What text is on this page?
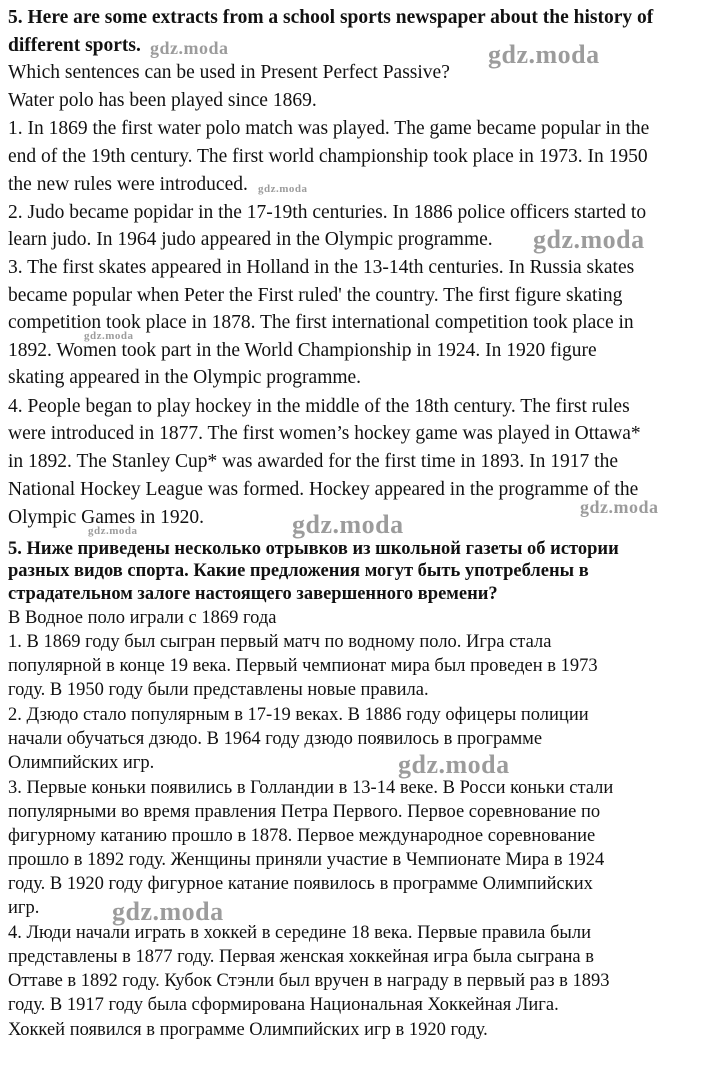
5. Here are some extracts from a school sports newspaper about the history of
different sports.
Which sentences can be used in Present Perfect Passive?
Water polo has been played since 1869.
1. In 1869 the first water polo match was played. The game became popular in the
end of the 19th century. The first world championship took place in 1973. In 1950
the new rules were introduced.
2. Judo became popidar in the 17-19th centuries. In 1886 police officers started to
learn judo. In 1964 judo appeared in the Olympic programme.
3. The first skates appeared in Holland in the 13-14th centuries. In Russia skates
became popular when Peter the First ruled' the country. The first figure skating
competition took place in 1878. The first international competition took place in
1892. Women took part in the World Championship in 1924. In 1920 figure
skating appeared in the Olympic programme.
4. People began to play hockey in the middle of the 18th century. The first rules
were introduced in 1877. The first women’s hockey game was played in Ottawa*
in 1892. The Stanley Cup* was awarded for the first time in 1893. In 1917 the
National Hockey League was formed. Hockey appeared in the programme of the
Olympic Games in 1920.
5. Ниже приведены несколько отрывков из школьной газеты об истории
разных видов спорта. Какие предложения могут быть употреблены в
страдательном залоге настоящего завершенного времени?
В Водное поло играли с 1869 года
1. В 1869 году был сыгран первый матч по водному поло. Игра стала
популярной в конце 19 века. Первый чемпионат мира был проведен в 1973
году. В 1950 году были представлены новые правила.
2. Дзюдо стало популярным в 17-19 веках. В 1886 году офицеры полиции
начали обучаться дзюдо. В 1964 году дзюдо появилось в программе
Олимпийских игр.
3. Первые коньки появились в Голландии в 13-14 веке. В Росси коньки стали
популярными во время правления Петра Первого. Первое соревнование по
фигурному катанию прошло в 1878. Первое международное соревнование
прошло в 1892 году. Женщины приняли участие в Чемпионате Мира в 1924
году. В 1920 году фигурное катание появилось в программе Олимпийских
игр.
4. Люди начали играть в хоккей в середине 18 века. Первые правила были
представлены в 1877 году. Первая женская хоккейная игра была сыграна в
Оттаве в 1892 году. Кубок Стэнли был вручен в награду в первый раз в 1893
году. В 1917 году была сформирована Национальная Хоккейная Лига.
Хоккей появился в программе Олимпийских игр в 1920 году.
gdz.moda	gdz.moda
gdz.moda
gdz.moda
gdz.moda
gdz.moda
gdz.moda
gdz.moda
gdz.moda
gdz.moda
